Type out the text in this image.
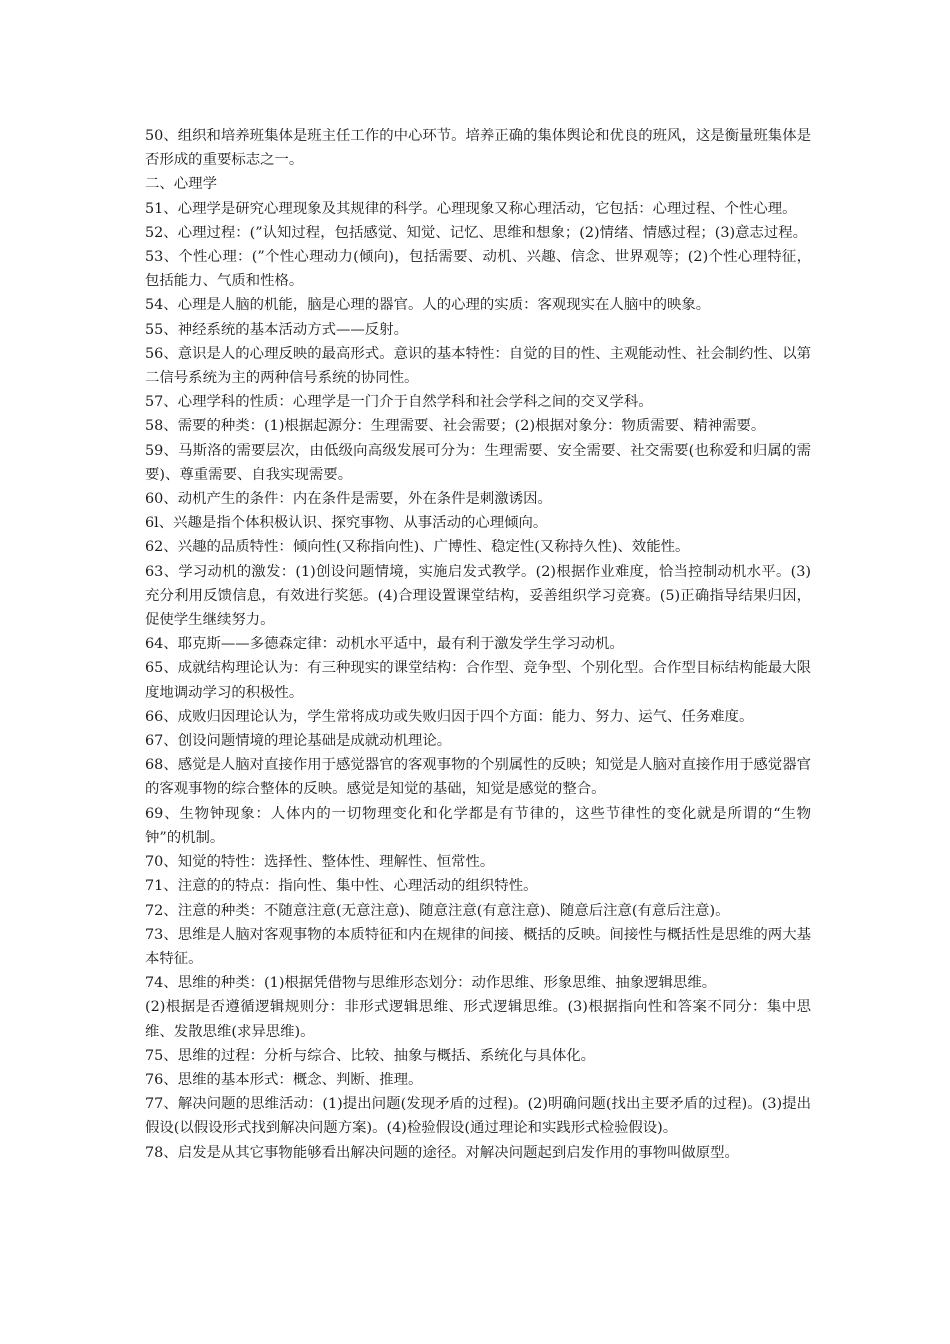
50、组织和培养班集体是班主任工作的中心环节。培养正确的集体舆论和优良的班风，这是衡量班集体是否形成的重要标志之一。

二、心理学

51、心理学是研究心理现象及其规律的科学。心理现象又称心理活动，它包括：心理过程、个性心理。

52、心理过程：(”认知过程，包括感觉、知觉、记忆、思维和想象；(2)情绪、情感过程；(3)意志过程。

53、个性心理：(”个性心理动力(倾向)，包括需要、动机、兴趣、信念、世界观等；(2)个性心理特征，包括能力、气质和性格。

54、心理是人脑的机能，脑是心理的器官。人的心理的实质：客观现实在人脑中的映象。

55、神经系统的基本活动方式——反射。

56、意识是人的心理反映的最高形式。意识的基本特性：自觉的目的性、主观能动性、社会制约性、以第二信号系统为主的两种信号系统的协同性。

57、心理学科的性质：心理学是一门介于自然学科和社会学科之间的交叉学科。

58、需要的种类：(1)根据起源分：生理需要、社会需要；(2)根据对象分：物质需要、精神需要。

59、马斯洛的需要层次，由低级向高级发展可分为：生理需要、安全需要、社交需要(也称爱和归属的需要)、尊重需要、自我实现需要。

60、动机产生的条件：内在条件是需要，外在条件是刺激诱因。

6l、兴趣是指个体积极认识、探究事物、从事活动的心理倾向。

62、兴趣的品质特性：倾向性(又称指向性)、广博性、稳定性(又称持久性)、效能性。

63、学习动机的激发：(1)创设问题情境，实施启发式教学。(2)根据作业难度，恰当控制动机水平。(3)充分利用反馈信息，有效进行奖惩。(4)合理设置课堂结构，妥善组织学习竞赛。(5)正确指导结果归因，促使学生继续努力。

64、耶克斯——多德森定律：动机水平适中，最有利于激发学生学习动机。

65、成就结构理论认为：有三种现实的课堂结构：合作型、竞争型、个别化型。合作型目标结构能最大限度地调动学习的积极性。

66、成败归因理论认为，学生常将成功或失败归因于四个方面：能力、努力、运气、任务难度。

67、创设问题情境的理论基础是成就动机理论。

68、感觉是人脑对直接作用于感觉器官的客观事物的个别属性的反映；知觉是人脑对直接作用于感觉器官的客观事物的综合整体的反映。感觉是知觉的基础，知觉是感觉的整合。

69、生物钟现象：人体内的一切物理变化和化学都是有节律的，这些节律性的变化就是所谓的“生物钟”的机制。

70、知觉的特性：选择性、整体性、理解性、恒常性。

71、注意的的特点：指向性、集中性、心理活动的组织特性。

72、注意的种类：不随意注意(无意注意)、随意注意(有意注意)、随意后注意(有意后注意)。

73、思维是人脑对客观事物的本质特征和内在规律的间接、概括的反映。间接性与概括性是思维的两大基本特征。

74、思维的种类：(1)根据凭借物与思维形态划分：动作思维、形象思维、抽象逻辑思维。

(2)根据是否遵循逻辑规则分：非形式逻辑思维、形式逻辑思维。(3)根据指向性和答案不同分：集中思维、发散思维(求异思维)。

75、思维的过程：分析与综合、比较、抽象与概括、系统化与具体化。

76、思维的基本形式：概念、判断、推理。

77、解决问题的思维活动：(1)提出问题(发现矛盾的过程)。(2)明确问题(找出主要矛盾的过程)。(3)提出假设(以假设形式找到解决问题方案)。(4)检验假设(通过理论和实践形式检验假设)。

78、启发是从其它事物能够看出解决问题的途径。对解决问题起到启发作用的事物叫做原型。
